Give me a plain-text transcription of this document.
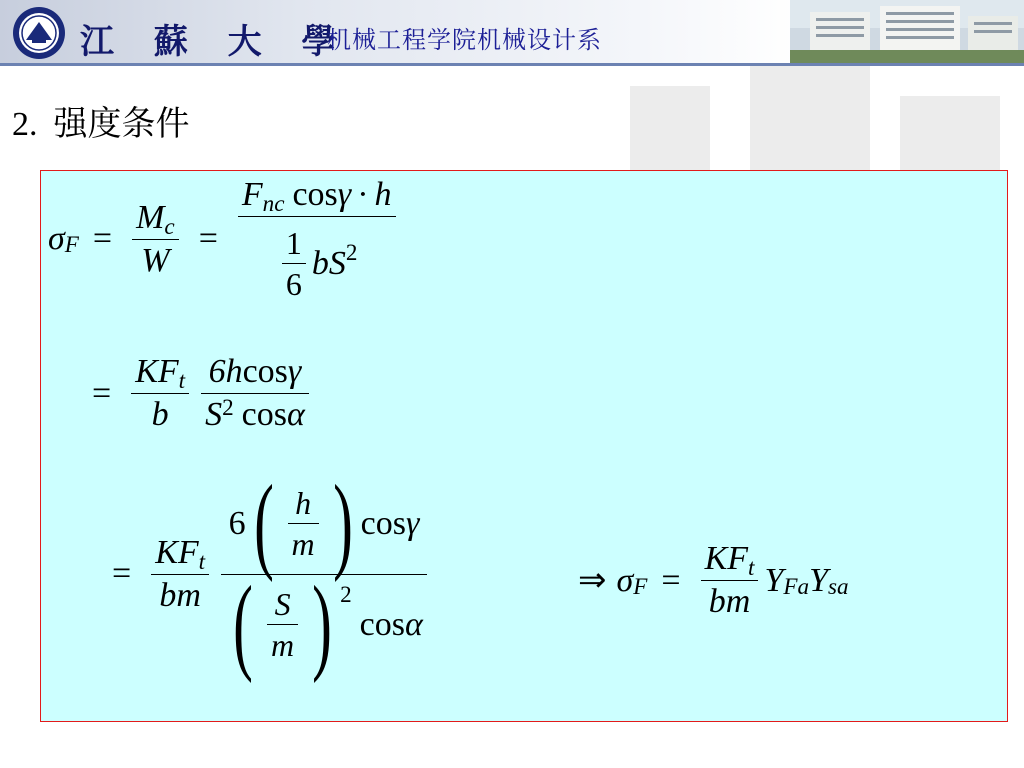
江 蘇 大 學
机械工程学院机械设计系
2. 强度条件
$\sigma_F = \frac{M_c}{W} = \frac{F_{nc} \cos\gamma \cdot h}{\frac{1}{6} bS^2}$
= $\frac{KF_t}{b} \frac{6hcos\gamma}{S^2 \cos\alpha}$
= $\frac{KF_t}{bm}$
6 ( $\frac{h}{m}$ ) cos γ
( $\frac{S}{m}$ ) $^2$
cos α
⇒ $\sigma_F = \frac{KF_t}{bm} Y_{Fa}$ $Y_{sa}$
